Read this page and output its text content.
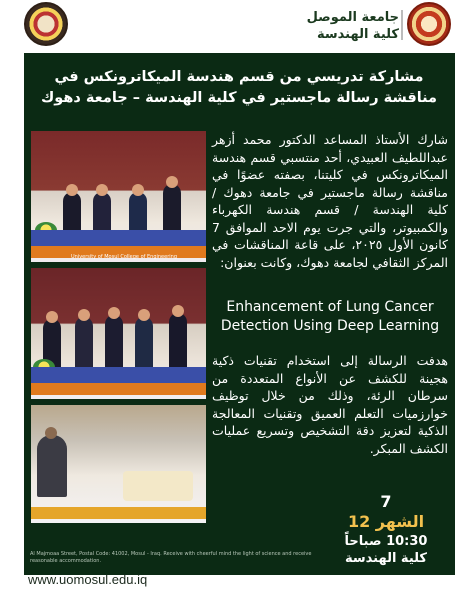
جامعة الموصل
كلية الهندسة
مشاركة تدريسي من قسم هندسة الميكاترونكس في مناقشة رسالة ماجستير في كلية الهندسة – جامعة دهوك
University of Mosul College of Engineering
شارك الأستاذ المساعد الدكتور محمد أزهر عبداللطيف العبيدي، أحد منتسبي قسم هندسة الميكاترونكس في كليتنا، بصفته عضوًا في مناقشة رسالة ماجستير في جامعة دهوك / كلية الهندسة / قسم هندسة الكهرباء والكمبيوتر، والتي جرت يوم الاحد الموافق 7 كانون الأول ٢٠٢٥، على قاعة المناقشات في المركز الثقافي لجامعة دهوك، وكانت بعنوان:
Enhancement of Lung Cancer Detection Using Deep Learning
هدفت الرسالة إلى استخدام تقنيات ذكية هجينة للكشف عن الأنواع المتعددة من سرطان الرئة، وذلك من خلال توظيف خوارزميات التعلم العميق وتقنيات المعالجة الذكية لتعزيز دقة التشخيص وتسريع عمليات الكشف المبكر.
7
الشهر 12
10:30 صباحاً
كلية الهندسة
Al Majmoaa Street, Postal Code: 41002, Mosul - Iraq. Receive with cheerful mind the light of science and receive reasonable accommodation.
www.uomosul.edu.iq
